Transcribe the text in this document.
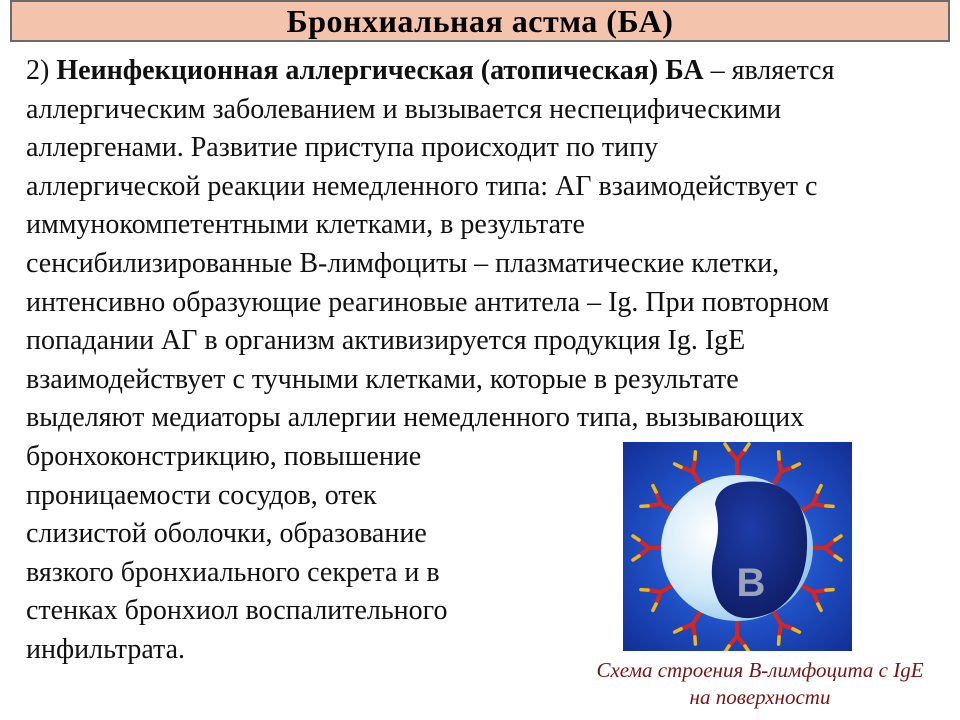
Бронхиальная астма (БА)
2) Неинфекционная аллергическая (атопическая) БА – является
аллергическим заболеванием и вызывается неспецифическими
аллергенами. Развитие приступа происходит по типу
аллергической реакции немедленного типа: АГ взаимодействует с
иммунокомпетентными клетками, в результате
сенсибилизированные В-лимфоциты – плазматические клетки,
интенсивно образующие реагиновые антитела – Ig. При повторном
попадании АГ в организм активизируется продукция Ig. IgE
взаимодействует с тучными клетками, которые в результате
выделяют медиаторы аллергии немедленного типа, вызывающих
бронхоконстрикцию, повышение
проницаемости сосудов, отек
слизистой оболочки, образование
вязкого бронхиального секрета и в
стенках бронхиол воспалительного
инфильтрата.
B
Схема строения В-лимфоцита с IgE
на поверхности
